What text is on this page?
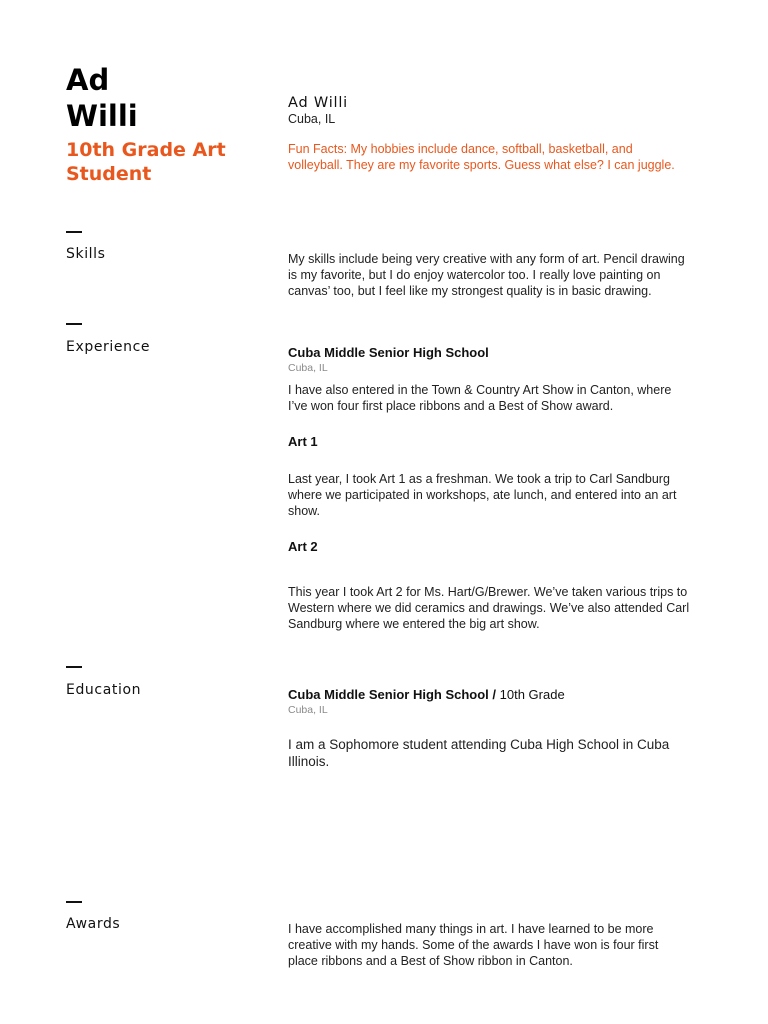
Ad
Willi
10th Grade Art Student
Ad Willi
Cuba, IL
Fun Facts: My hobbies include dance, softball, basketball, and volleyball. They are my favorite sports. Guess what else? I can juggle.
Skills	My skills include being very creative with any form of art. Pencil drawing is my favorite, but I do enjoy watercolor too. I really love painting on canvas’ too, but I feel like my strongest quality is in basic drawing.
Experience	Cuba Middle Senior High School
Cuba, IL
I have also entered in the Town & Country Art Show in Canton, where I’ve won four first place ribbons and a Best of Show award.
Art 1
Last year, I took Art 1 as a freshman. We took a trip to Carl Sandburg where we participated in workshops, ate lunch, and entered into an art show.
Art 2
This year I took Art 2 for Ms. Hart/G/Brewer. We’ve taken various trips to Western where we did ceramics and drawings. We’ve also attended Carl Sandburg where we entered the big art show.
Education	Cuba Middle Senior High School / 10th Grade
Cuba, IL
I am a Sophomore student attending Cuba High School in Cuba Illinois.
Awards	I have accomplished many things in art. I have learned to be more creative with my hands. Some of the awards I have won is four first place ribbons and a Best of Show ribbon in Canton.
